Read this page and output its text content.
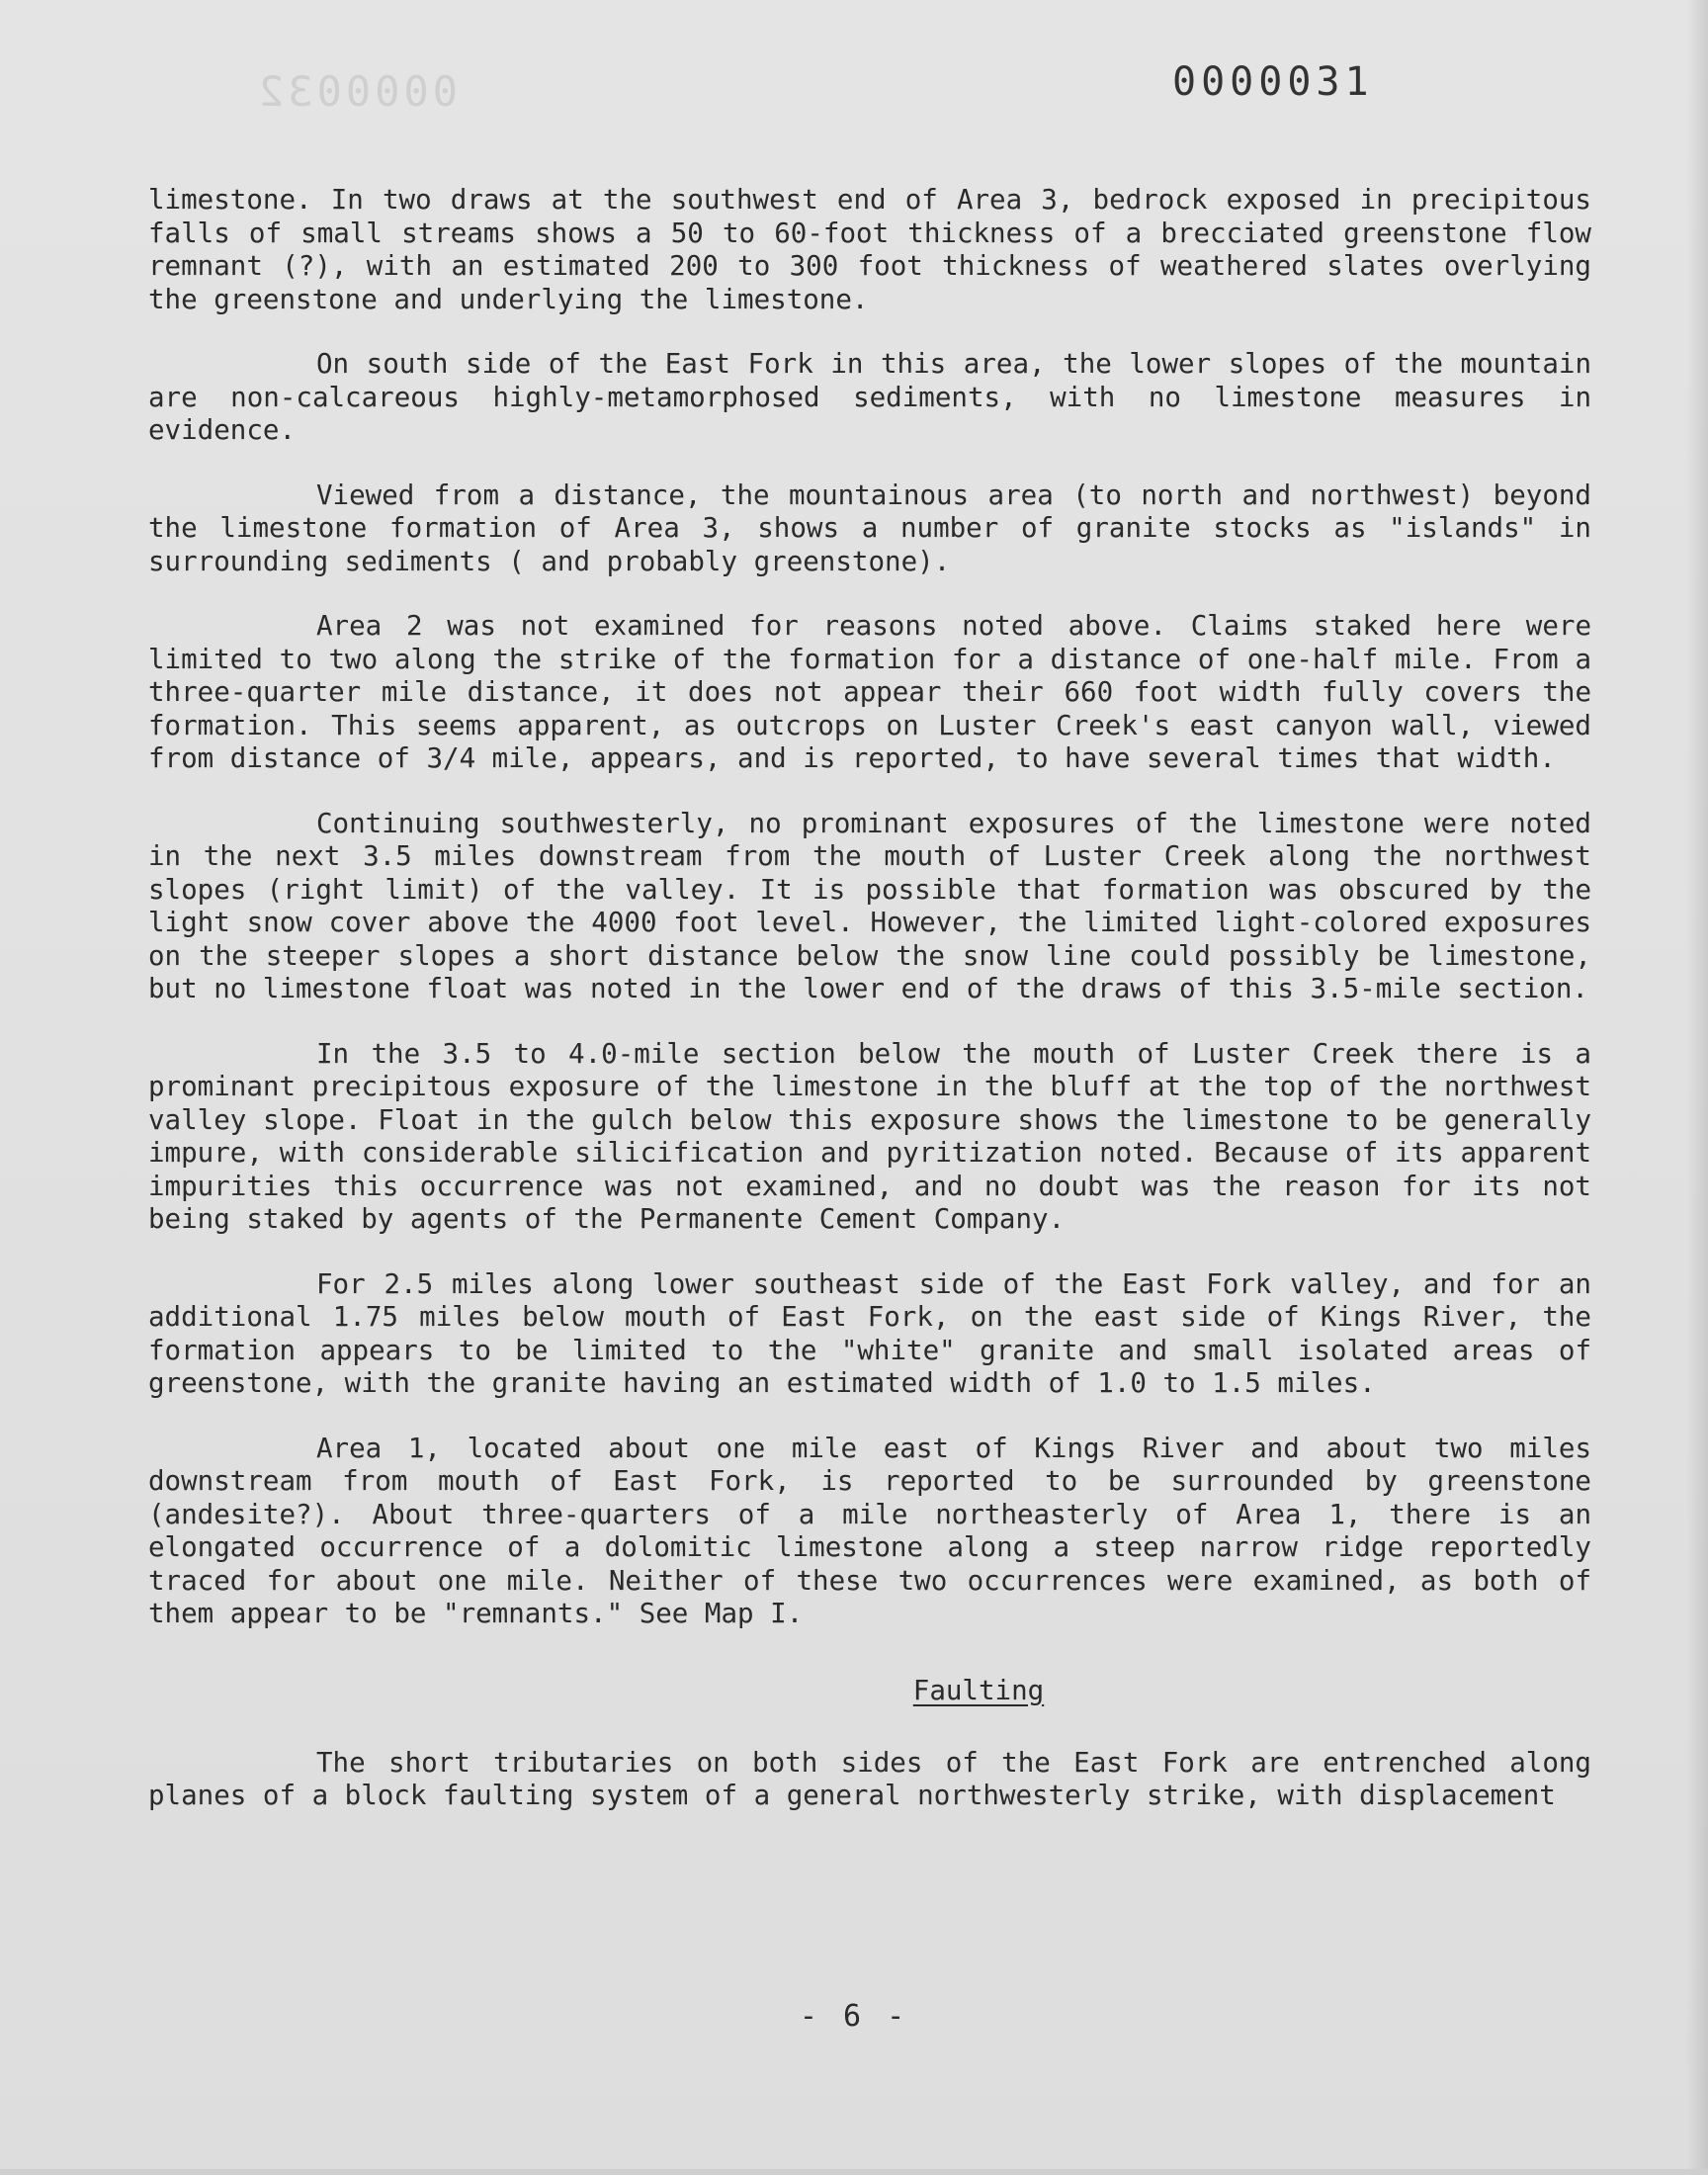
0000032	0000031

limestone. In two draws at the southwest end of Area 3, bedrock exposed in precipitous falls of small streams shows a 50 to 60-foot thickness of a brecciated greenstone flow remnant (?), with an estimated 200 to 300 foot thickness of weathered slates overlying the greenstone and underlying the limestone.

On south side of the East Fork in this area, the lower slopes of the mountain are non-calcareous highly-metamorphosed sediments, with no limestone measures in evidence.

Viewed from a distance, the mountainous area (to north and northwest) beyond the limestone formation of Area 3, shows a number of granite stocks as "islands" in surrounding sediments ( and probably greenstone).

Area 2 was not examined for reasons noted above. Claims staked here were limited to two along the strike of the formation for a distance of one-half mile. From a three-quarter mile distance, it does not appear their 660 foot width fully covers the formation. This seems apparent, as outcrops on Luster Creek's east canyon wall, viewed from distance of 3/4 mile, appears, and is reported, to have several times that width.

Continuing southwesterly, no prominant exposures of the limestone were noted in the next 3.5 miles downstream from the mouth of Luster Creek along the northwest slopes (right limit) of the valley. It is possible that formation was obscured by the light snow cover above the 4000 foot level. However, the limited light-colored exposures on the steeper slopes a short distance below the snow line could possibly be limestone, but no limestone float was noted in the lower end of the draws of this 3.5-mile section.

In the 3.5 to 4.0-mile section below the mouth of Luster Creek there is a prominant precipitous exposure of the limestone in the bluff at the top of the northwest valley slope. Float in the gulch below this exposure shows the limestone to be generally impure, with considerable silicification and pyritization noted. Because of its apparent impurities this occurrence was not examined, and no doubt was the reason for its not being staked by agents of the Permanente Cement Company.

For 2.5 miles along lower southeast side of the East Fork valley, and for an additional 1.75 miles below mouth of East Fork, on the east side of Kings River, the formation appears to be limited to the "white" granite and small isolated areas of greenstone, with the granite having an estimated width of 1.0 to 1.5 miles.

Area 1, located about one mile east of Kings River and about two miles downstream from mouth of East Fork, is reported to be surrounded by greenstone (andesite?). About three-quarters of a mile northeasterly of Area 1, there is an elongated occurrence of a dolomitic limestone along a steep narrow ridge reportedly traced for about one mile. Neither of these two occurrences were examined, as both of them appear to be "remnants." See Map I.

Faulting

The short tributaries on both sides of the East Fork are entrenched along planes of a block faulting system of a general northwesterly strike, with displacement

- 6 -
